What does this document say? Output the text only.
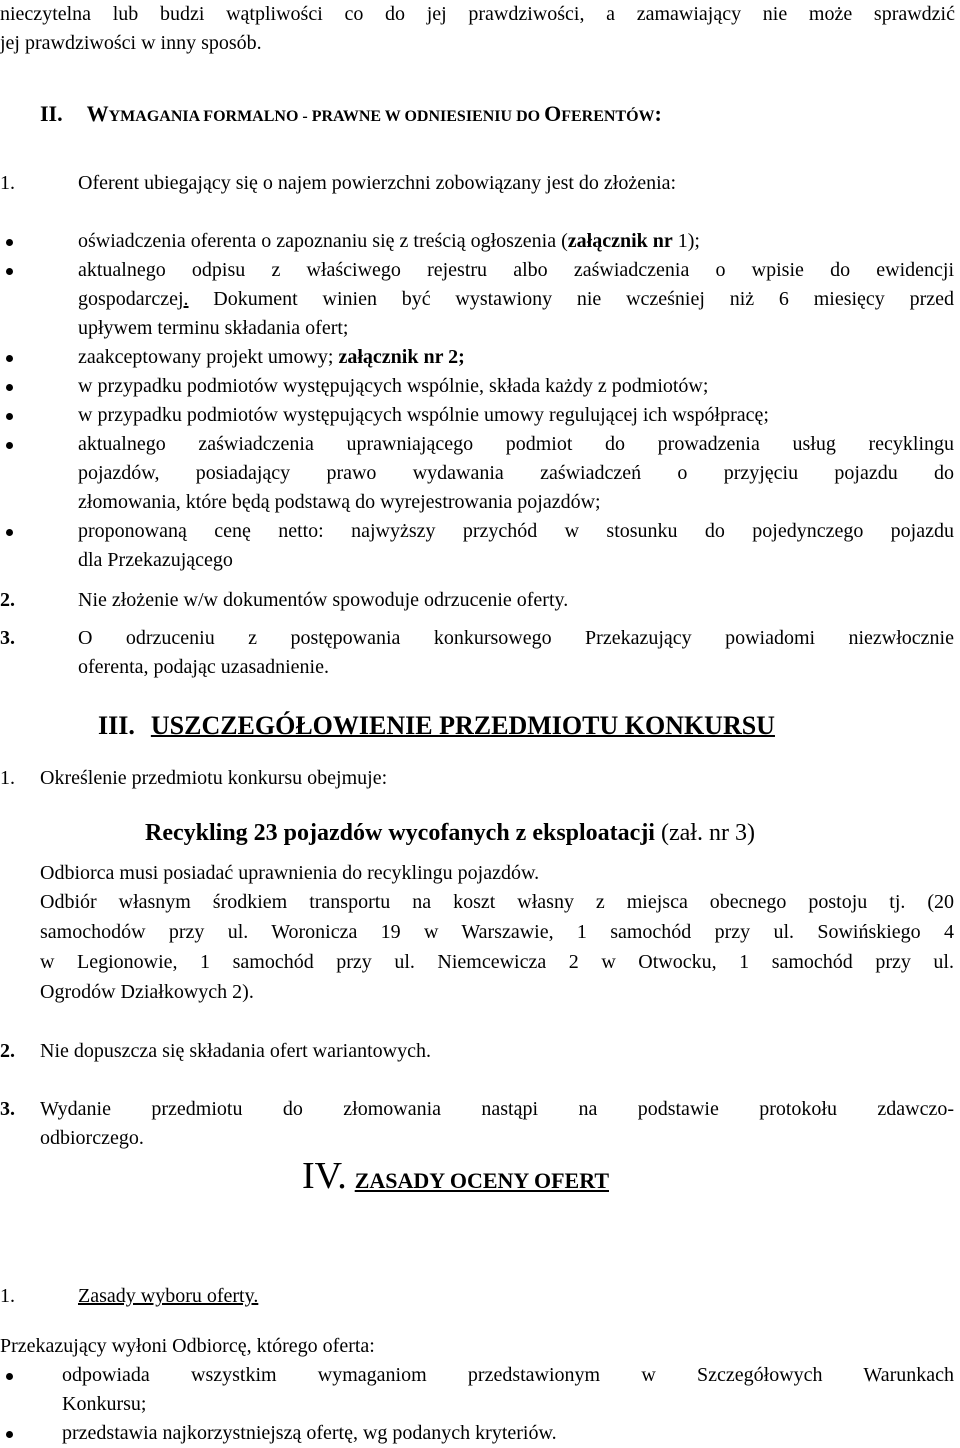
nieczytelna lub budzi wątpliwości co do jej prawdziwości, a zamawiający nie może sprawdzić
jej prawdziwości w inny sposób.
II. WYMAGANIA FORMALNO - PRAWNE W ODNIESIENIU DO OFERENTÓW:
1.	Oferent ubiegający się o najem powierzchni zobowiązany jest do złożenia:
oświadczenia oferenta o zapoznaniu się z treścią ogłoszenia (załącznik nr 1);
aktualnego odpisu z właściwego rejestru albo zaświadczenia o wpisie do ewidencji
gospodarczej. Dokument winien być wystawiony nie wcześniej niż 6 miesięcy przed
upływem terminu składania ofert;
zaakceptowany projekt umowy; załącznik nr 2;
w przypadku podmiotów występujących wspólnie, składa każdy z podmiotów;
w przypadku podmiotów występujących wspólnie umowy regulującej ich współpracę;
aktualnego zaświadczenia uprawniającego podmiot do prowadzenia usług recyklingu
pojazdów, posiadający prawo wydawania zaświadczeń o przyjęciu pojazdu do
złomowania, które będą podstawą do wyrejestrowania pojazdów;
proponowaną cenę netto: najwyższy przychód w stosunku do pojedynczego pojazdu
dla Przekazującego
2.	Nie złożenie w/w dokumentów spowoduje odrzucenie oferty.
3.	O odrzuceniu z postępowania konkursowego Przekazujący powiadomi niezwłocznie
oferenta, podając uzasadnienie.
III. USZCZEGÓŁOWIENIE PRZEDMIOTU KONKURSU
1. Określenie przedmiotu konkursu obejmuje:
Recykling 23 pojazdów wycofanych z eksploatacji (zał. nr 3)
Odbiorca musi posiadać uprawnienia do recyklingu pojazdów.
Odbiór własnym środkiem transportu na koszt własny z miejsca obecnego postoju tj. (20
samochodów przy ul. Woronicza 19 w Warszawie, 1 samochód przy ul. Sowińskiego 4
w Legionowie, 1 samochód przy ul. Niemcewicza 2 w Otwocku, 1 samochód przy ul.
Ogrodów Działkowych 2).
2. Nie dopuszcza się składania ofert wariantowych.
3. Wydanie przedmiotu do złomowania nastąpi na podstawie protokołu zdawczo-
odbiorczego.
IV. ZASADY OCENY OFERT
1.	Zasady wyboru oferty.
Przekazujący wyłoni Odbiorcę, którego oferta:
odpowiada wszystkim wymaganiom przedstawionym w Szczegółowych Warunkach
Konkursu;
przedstawia najkorzystniejszą ofertę, wg podanych kryteriów.
